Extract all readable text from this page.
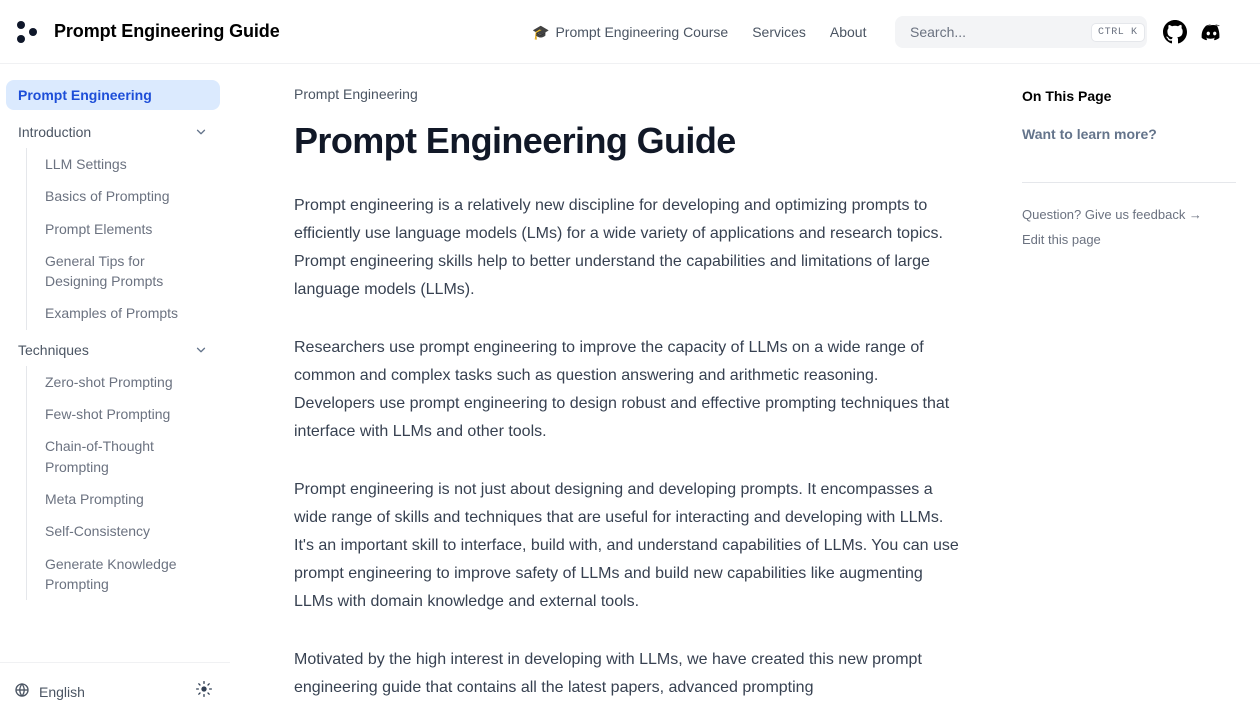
Prompt Engineering Guide	🎓 Prompt Engineering Course Services About
Search...	CTRL K
Prompt Engineering
Introduction
LLM Settings
Basics of Prompting
Prompt Elements
General Tips for Designing Prompts
Examples of Prompts
Techniques
Zero-shot Prompting
Few-shot Prompting
Chain-of-Thought Prompting
Meta Prompting
Self-Consistency
Generate Knowledge Prompting
English
Prompt Engineering
Prompt Engineering Guide

Prompt engineering is a relatively new discipline for developing and optimizing prompts to efficiently use language models (LMs) for a wide variety of applications and research topics. Prompt engineering skills help to better understand the capabilities and limitations of large language models (LLMs).

Researchers use prompt engineering to improve the capacity of LLMs on a wide range of common and complex tasks such as question answering and arithmetic reasoning. Developers use prompt engineering to design robust and effective prompting techniques that interface with LLMs and other tools.

Prompt engineering is not just about designing and developing prompts. It encompasses a wide range of skills and techniques that are useful for interacting and developing with LLMs. It's an important skill to interface, build with, and understand capabilities of LLMs. You can use prompt engineering to improve safety of LLMs and build new capabilities like augmenting LLMs with domain knowledge and external tools.

Motivated by the high interest in developing with LLMs, we have created this new prompt engineering guide that contains all the latest papers, advanced prompting

On This Page
Want to learn more?
Question? Give us feedback →
Edit this page
